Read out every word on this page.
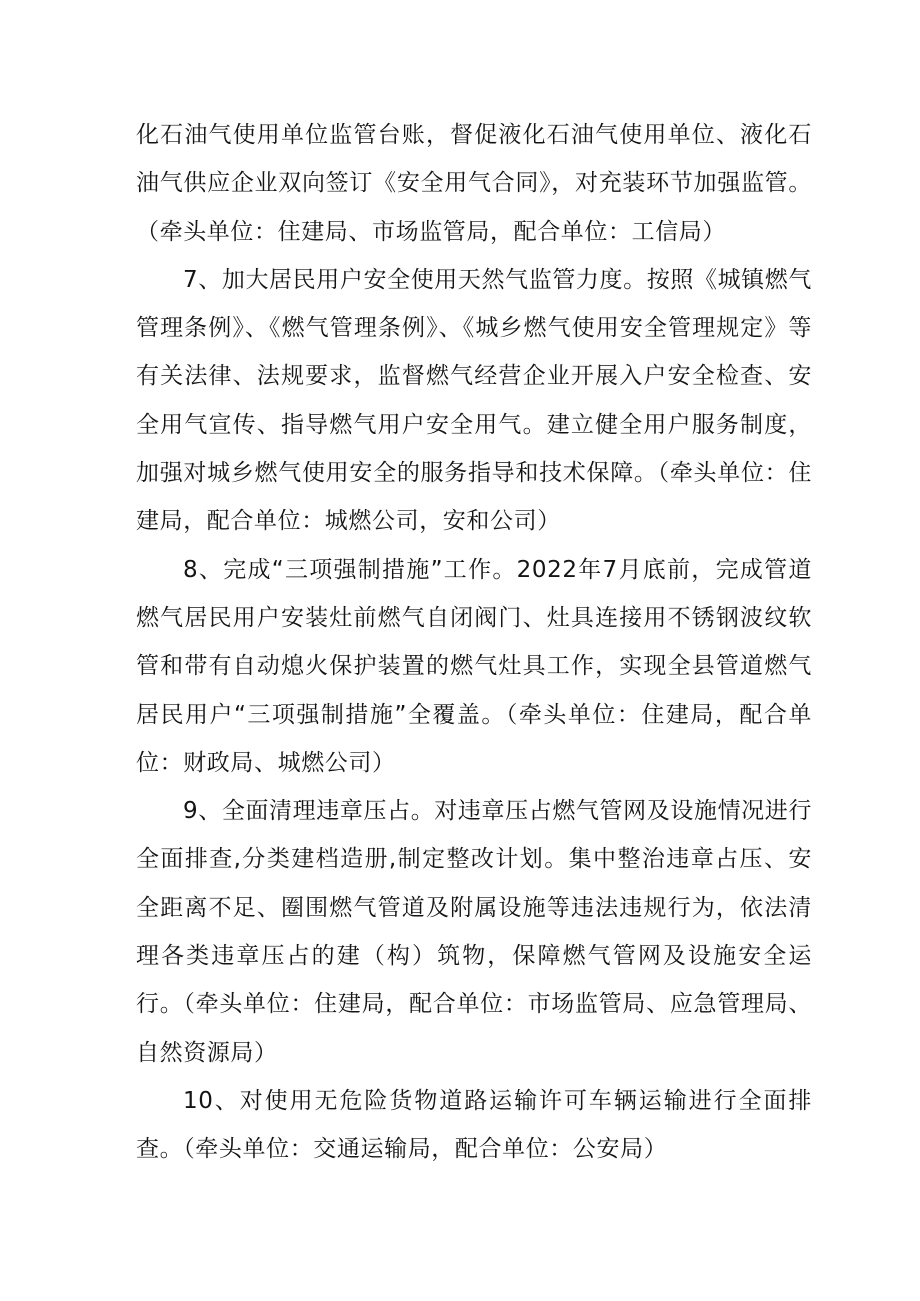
化石油气使用单位监管台账，督促液化石油气使用单位、液化石油气供应企业双向签订《安全用气合同》，对充装环节加强监管。（牵头单位：住建局、市场监管局，配合单位：工信局）

7、加大居民用户安全使用天然气监管力度。按照《城镇燃气管理条例》、《燃气管理条例》、《城乡燃气使用安全管理规定》等有关法律、法规要求，监督燃气经营企业开展入户安全检查、安全用气宣传、指导燃气用户安全用气。建立健全用户服务制度，加强对城乡燃气使用安全的服务指导和技术保障。（牵头单位：住建局，配合单位：城燃公司，安和公司）

8、完成“三项强制措施”工作。2022年7月底前，完成管道燃气居民用户安装灶前燃气自闭阀门、灶具连接用不锈钢波纹软管和带有自动熄火保护装置的燃气灶具工作，实现全县管道燃气居民用户“三项强制措施”全覆盖。（牵头单位：住建局，配合单位：财政局、城燃公司）

9、全面清理违章压占。对违章压占燃气管网及设施情况进行全面排查,分类建档造册,制定整改计划。集中整治违章占压、安全距离不足、圈围燃气管道及附属设施等违法违规行为，依法清理各类违章压占的建（构）筑物，保障燃气管网及设施安全运行。（牵头单位：住建局，配合单位：市场监管局、应急管理局、自然资源局）

10、对使用无危险货物道路运输许可车辆运输进行全面排查。（牵头单位：交通运输局，配合单位：公安局）
